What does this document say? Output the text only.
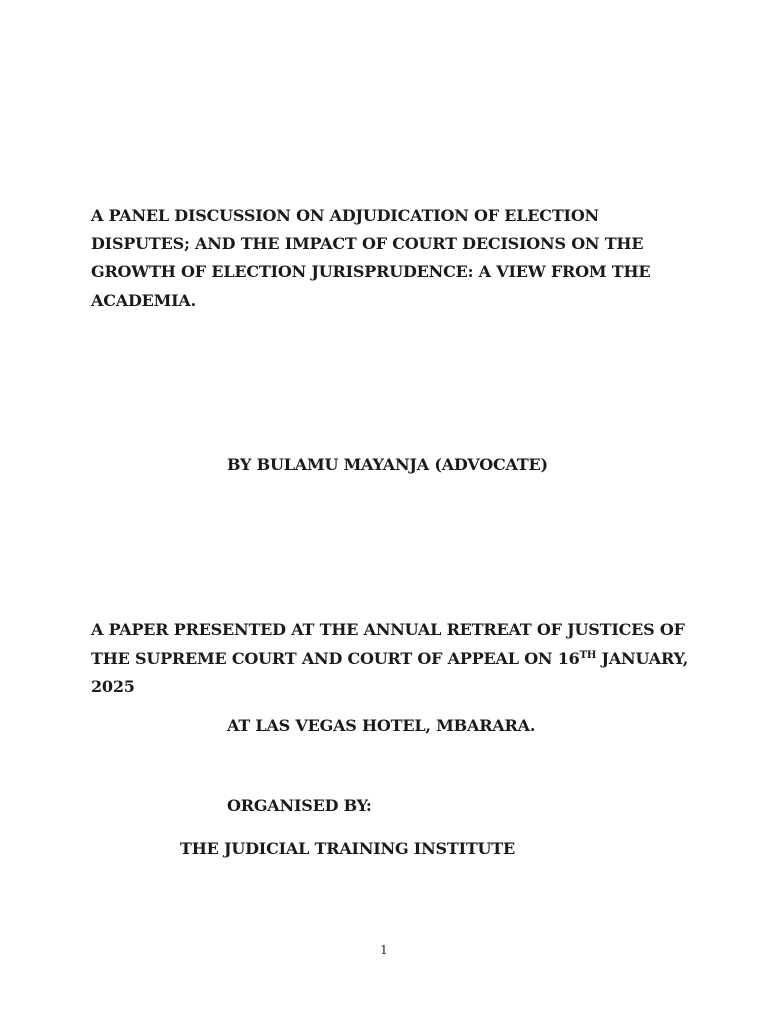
A PANEL DISCUSSION ON ADJUDICATION OF ELECTION
DISPUTES; AND THE IMPACT OF COURT DECISIONS ON THE
GROWTH OF ELECTION JURISPRUDENCE: A VIEW FROM THE
ACADEMIA.
BY BULAMU MAYANJA (ADVOCATE)
A PAPER PRESENTED AT THE ANNUAL RETREAT OF JUSTICES OF
THE SUPREME COURT AND COURT OF APPEAL ON 16TH JANUARY,
2025
AT LAS VEGAS HOTEL, MBARARA.
ORGANISED BY:
THE JUDICIAL TRAINING INSTITUTE
1
